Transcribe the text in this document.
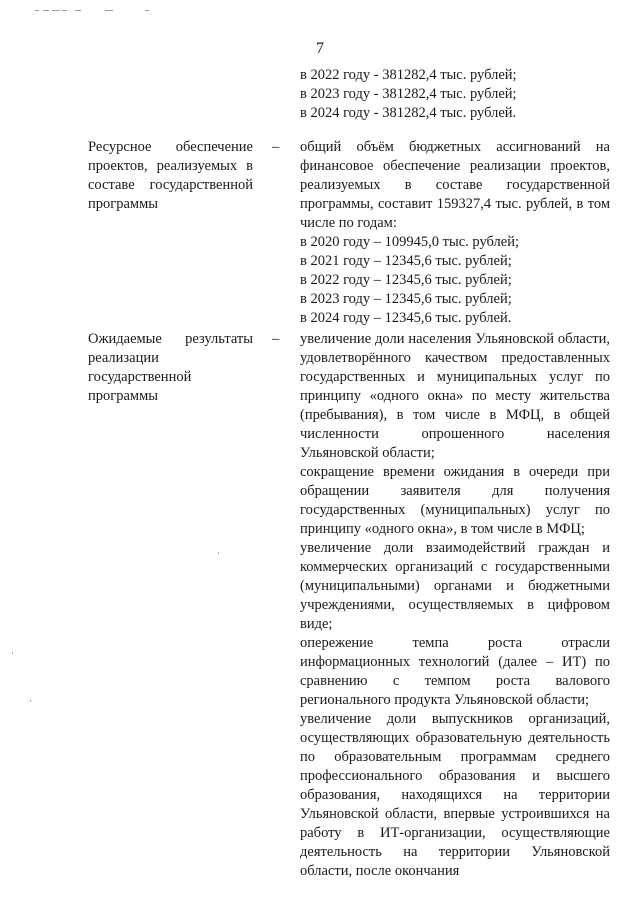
7

в 2022 году - 381282,4 тыс. рублей;

в 2023 году - 381282,4 тыс. рублей;

в 2024 году - 381282,4 тыс. рублей.

Ресурсное обеспечение проектов, реализуемых в составе государственной программы
– общий объём бюджетных ассигнований на финансовое обеспечение реализации проектов, реализуемых в составе государственной программы, составит 159327,4 тыс. рублей, в том числе по годам:

в 2020 году – 109945,0 тыс. рублей;

в 2021 году – 12345,6 тыс. рублей;

в 2022 году – 12345,6 тыс. рублей;

в 2023 году – 12345,6 тыс. рублей;

в 2024 году – 12345,6 тыс. рублей.

Ожидаемые результаты реализации государственной программы
– увеличение доли населения Ульяновской области, удовлетворённого качеством предоставленных государственных и муниципальных услуг по принципу «одного окна» по месту жительства (пребывания), в том числе в МФЦ, в общей численности опрошенного населения Ульяновской области;

сокращение времени ожидания в очереди при обращении заявителя для получения государственных (муниципальных) услуг по принципу «одного окна», в том числе в МФЦ;

увеличение доли взаимодействий граждан и коммерческих организаций с государственными (муниципальными) органами и бюджетными учреждениями, осуществляемых в цифровом виде;

опережение темпа роста отрасли информационных технологий (далее – ИТ) по сравнению с темпом роста валового регионального продукта Ульяновской области;

увеличение доли выпускников организаций, осуществляющих образовательную деятельность по образовательным программам среднего профессионального образования и высшего образования, находящихся на территории Ульяновской области, впервые устроившихся на работу в ИТ-организации, осуществляющие деятельность на территории Ульяновской области, после окончания
